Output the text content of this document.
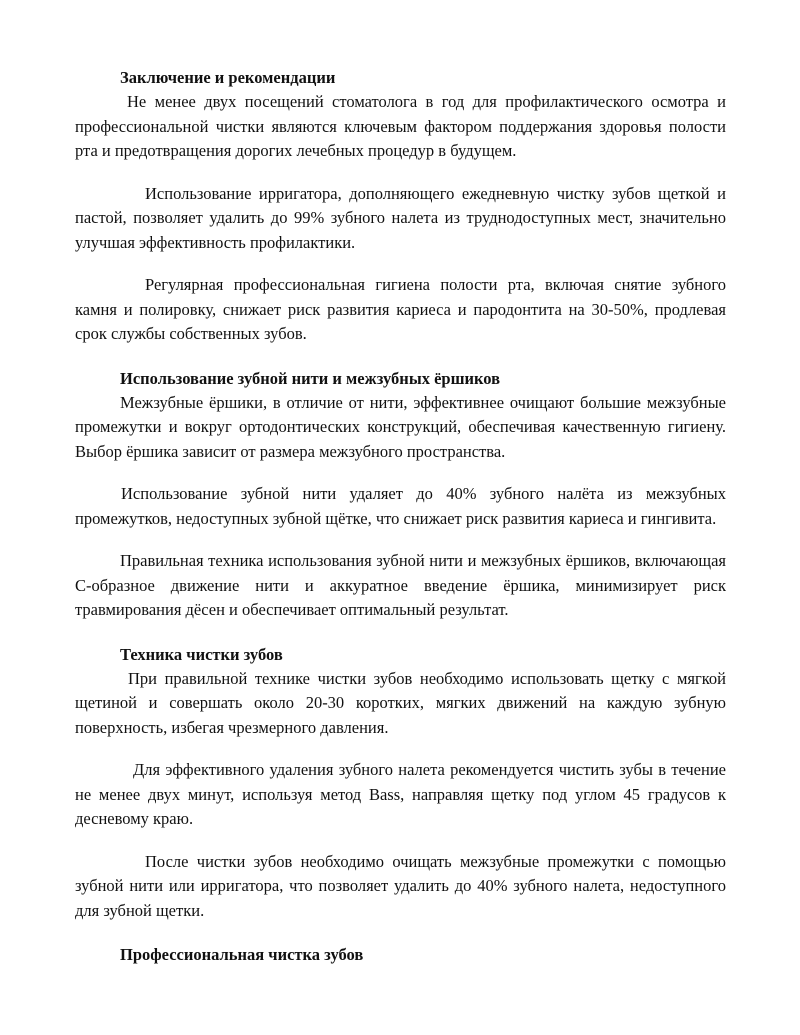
Заключение и рекомендации

Не менее двух посещений стоматолога в год для профилактического осмотра и профессиональной чистки являются ключевым фактором поддержания здоровья полости рта и предотвращения дорогих лечебных процедур в будущем.

Использование ирригатора, дополняющего ежедневную чистку зубов щеткой и пастой, позволяет удалить до 99% зубного налета из труднодоступных мест, значительно улучшая эффективность профилактики.

Регулярная профессиональная гигиена полости рта, включая снятие зубного камня и полировку, снижает риск развития кариеса и пародонтита на 30-50%, продлевая срок службы собственных зубов.

Использование зубной нити и межзубных ёршиков

Межзубные ёршики, в отличие от нити, эффективнее очищают большие межзубные промежутки и вокруг ортодонтических конструкций, обеспечивая качественную гигиену. Выбор ёршика зависит от размера межзубного пространства.

Использование зубной нити удаляет до 40% зубного налёта из межзубных промежутков, недоступных зубной щётке, что снижает риск развития кариеса и гингивита.

Правильная техника использования зубной нити и межзубных ёршиков, включающая С-образное движение нити и аккуратное введение ёршика, минимизирует риск травмирования дёсен и обеспечивает оптимальный результат.

Техника чистки зубов

При правильной технике чистки зубов необходимо использовать щетку с мягкой щетиной и совершать около 20-30 коротких, мягких движений на каждую зубную поверхность, избегая чрезмерного давления.

Для эффективного удаления зубного налета рекомендуется чистить зубы в течение не менее двух минут, используя метод Bass, направляя щетку под углом 45 градусов к десневому краю.

После чистки зубов необходимо очищать межзубные промежутки с помощью зубной нити или ирригатора, что позволяет удалить до 40% зубного налета, недоступного для зубной щетки.

Профессиональная чистка зубов
